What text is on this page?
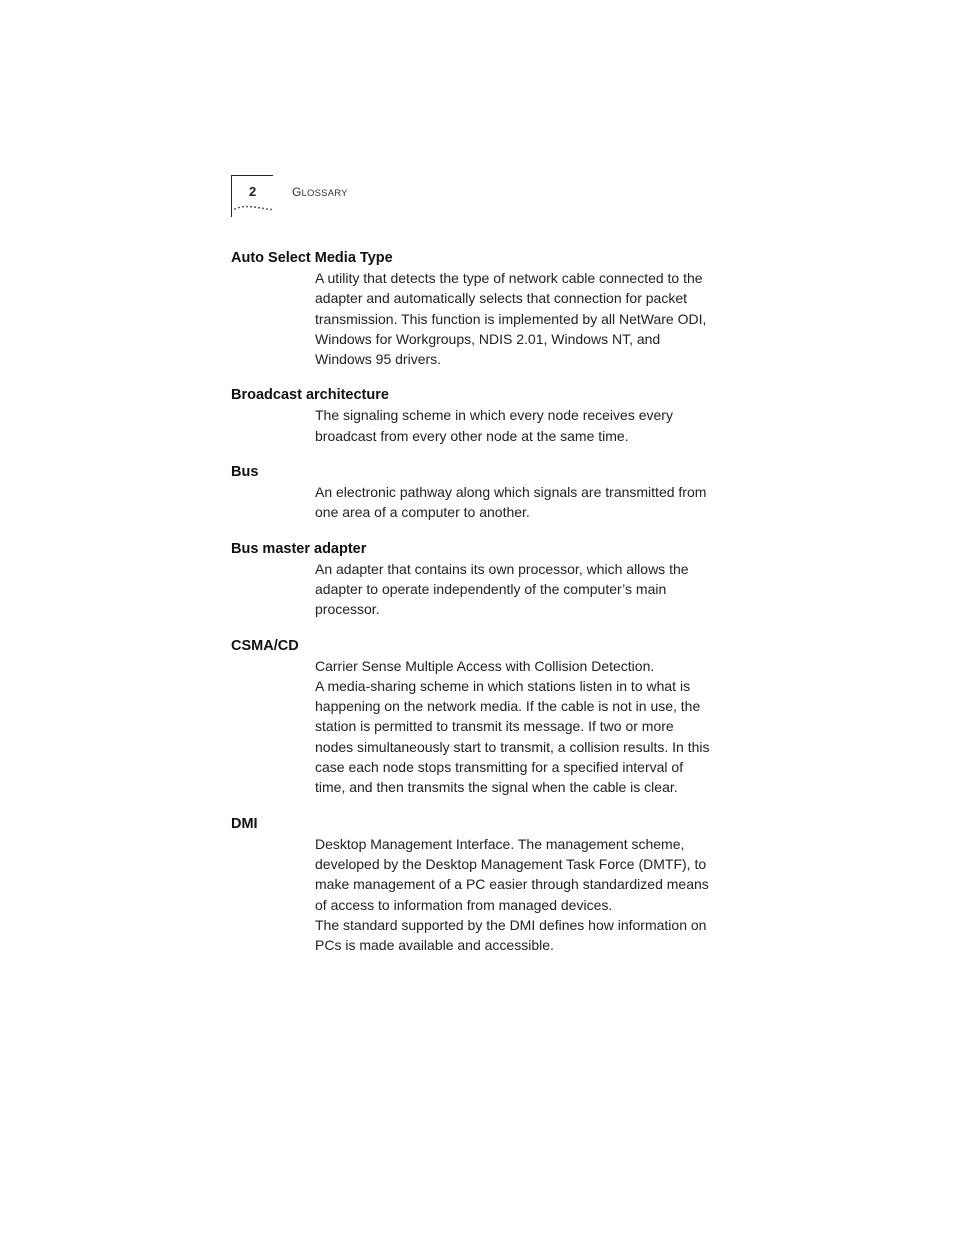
2	GLOSSARY
Auto Select Media Type

A utility that detects the type of network cable connected to the adapter and automatically selects that connection for packet transmission. This function is implemented by all NetWare ODI, Windows for Workgroups, NDIS 2.01, Windows NT, and Windows 95 drivers.

Broadcast architecture

The signaling scheme in which every node receives every broadcast from every other node at the same time.

Bus

An electronic pathway along which signals are transmitted from one area of a computer to another.

Bus master adapter

An adapter that contains its own processor, which allows the adapter to operate independently of the computer’s main processor.

CSMA/CD

Carrier Sense Multiple Access with Collision Detection.

A media-sharing scheme in which stations listen in to what is happening on the network media. If the cable is not in use, the station is permitted to transmit its message. If two or more nodes simultaneously start to transmit, a collision results. In this case each node stops transmitting for a specified interval of time, and then transmits the signal when the cable is clear.

DMI

Desktop Management Interface. The management scheme, developed by the Desktop Management Task Force (DMTF), to make management of a PC easier through standardized means of access to information from managed devices.

The standard supported by the DMI defines how information on PCs is made available and accessible.
